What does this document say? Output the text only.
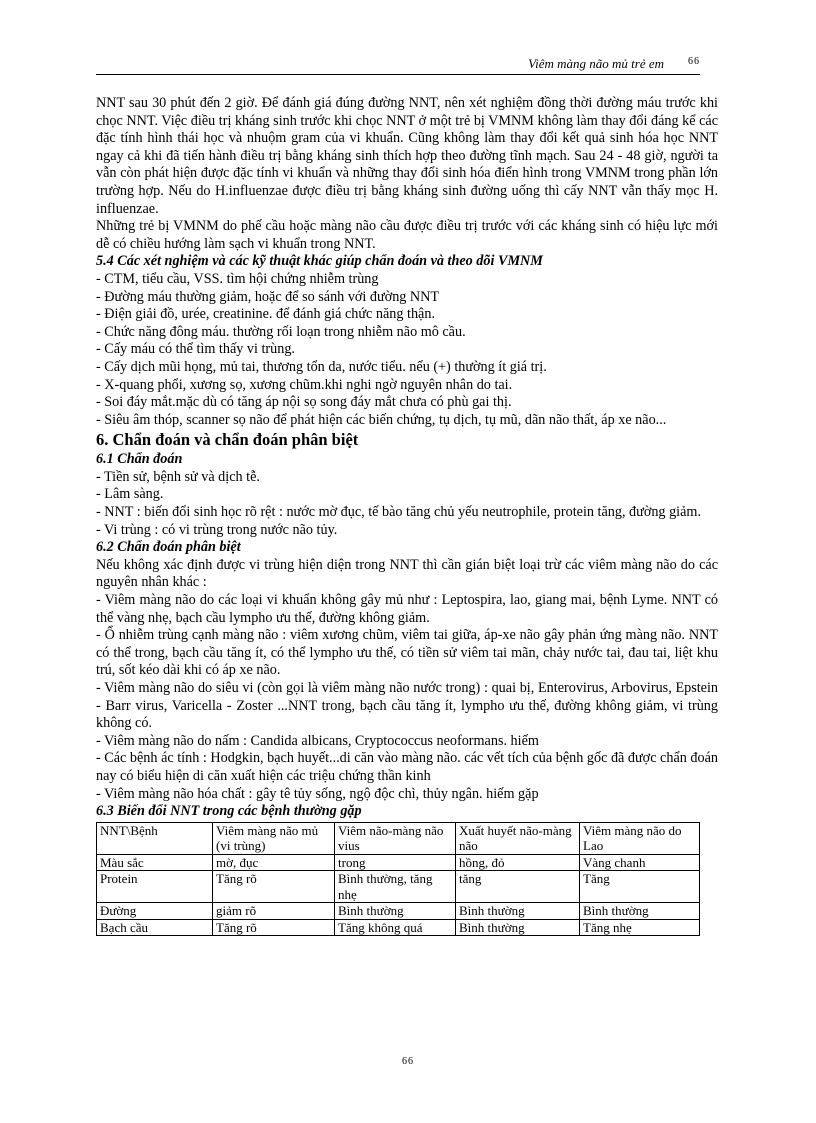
Viêm màng não mủ trẻ em 66

NNT sau 30 phút đến 2 giờ. Để đánh giá đúng đường NNT, nên xét nghiệm đồng thời đường máu trước khi chọc NNT. Việc điều trị kháng sinh trước khi chọc NNT ở một trẻ bị VMNM không làm thay đổi đáng kể các đặc tính hình thái học và nhuộm gram của vi khuẩn. Cũng không làm thay đổi kết quả sinh hóa học NNT ngay cả khi đã tiến hành điều trị bằng kháng sinh thích hợp theo đường tĩnh mạch. Sau 24 - 48 giờ, người ta vẫn còn phát hiện được đặc tính vi khuẩn và những thay đổi sinh hóa điển hình trong VMNM trong phần lớn trường hợp. Nếu do H.influenzae được điều trị bằng kháng sinh đường uống thì cấy NNT vẫn thấy mọc H. influenzae.

Những trẻ bị VMNM do phế cầu hoặc màng não cầu được điều trị trước với các kháng sinh có hiệu lực mới dễ có chiều hướng làm sạch vi khuẩn trong NNT.

5.4 Các xét nghiệm và các kỹ thuật khác giúp chẩn đoán và theo dõi VMNM

- CTM, tiểu cầu, VSS. tìm hội chứng nhiễm trùng

- Đường máu thường giảm, hoặc để so sánh với đường NNT

- Điện giải đồ, urée, creatinine. để đánh giá chức năng thận.

- Chức năng đông máu. thường rối loạn trong nhiễm não mô cầu.

- Cấy máu có thể tìm thấy vi trùng.

- Cấy dịch mũi họng, mủ tai, thương tổn da, nước tiểu. nếu (+) thường ít giá trị.

- X-quang phổi, xương sọ, xương chũm.khi nghi ngờ nguyên nhân do tai.

- Soi đáy mắt.mặc dù có tăng áp nội sọ song đáy mắt chưa có phù gai thị.

- Siêu âm thóp, scanner sọ não để phát hiện các biến chứng, tụ dịch, tụ mũ, dãn não thất, áp xe não...

6. Chẩn đoán và chẩn đoán phân biệt
6.1 Chẩn đoán

- Tiền sử, bệnh sử và dịch tễ.

- Lâm sàng.

- NNT : biến đổi sinh học rõ rệt : nước mờ đục, tế bào tăng chủ yếu neutrophile, protein tăng, đường giảm.

- Vi trùng : có vi trùng trong nước não tủy.

6.2 Chẩn đoán phân biệt

Nếu không xác định được vi trùng hiện diện trong NNT thì cần gián biệt loại trừ các viêm màng não do các nguyên nhân khác :

- Viêm màng não do các loại vi khuẩn không gây mủ như : Leptospira, lao, giang mai, bệnh Lyme. NNT có thể vàng nhẹ, bạch cầu lympho ưu thế, đường không giảm.

- Ổ nhiễm trùng cạnh màng não : viêm xương chũm, viêm tai giữa, áp-xe não gây phản ứng màng não. NNT có thể trong, bạch cầu tăng ít, có thể lympho ưu thế, có tiền sử viêm tai mãn, chảy nước tai, đau tai, liệt khu trú, sốt kéo dài khi có áp xe não.

- Viêm màng não do siêu vi (còn gọi là viêm màng não nước trong) : quai bị, Enterovirus, Arbovirus, Epstein - Barr virus, Varicella - Zoster ...NNT trong, bạch cầu tăng ít, lympho ưu thế, đường không giảm, vi trùng không có.

- Viêm màng não do nấm : Candida albicans, Cryptococcus neoformans. hiếm

- Các bệnh ác tính : Hodgkin, bạch huyết...di căn vào màng não. các vết tích của bệnh gốc đã được chẩn đoán nay có biểu hiện di căn xuất hiện các triệu chứng thần kinh

- Viêm màng não hóa chất : gây tê tủy sống, ngộ độc chì, thủy ngân. hiếm gặp

6.3 Biến đổi NNT trong các bệnh thường gặp
NNT\Bệnh	Viêm màng não mủ (vi trùng)	Viêm não-màng não vius	Xuất huyết não-màng não	Viêm màng não do Lao
Màu sắc	mờ, đục	trong	hồng, đỏ	Vàng chanh
Protein	Tăng rõ	Bình thường, tăng nhẹ	tăng	Tăng
Đường	giảm rõ	Bình thường	Bình thường	Bình thường
Bạch cầu	Tăng rõ	Tăng không quá	Bình thường	Tăng nhẹ
66
